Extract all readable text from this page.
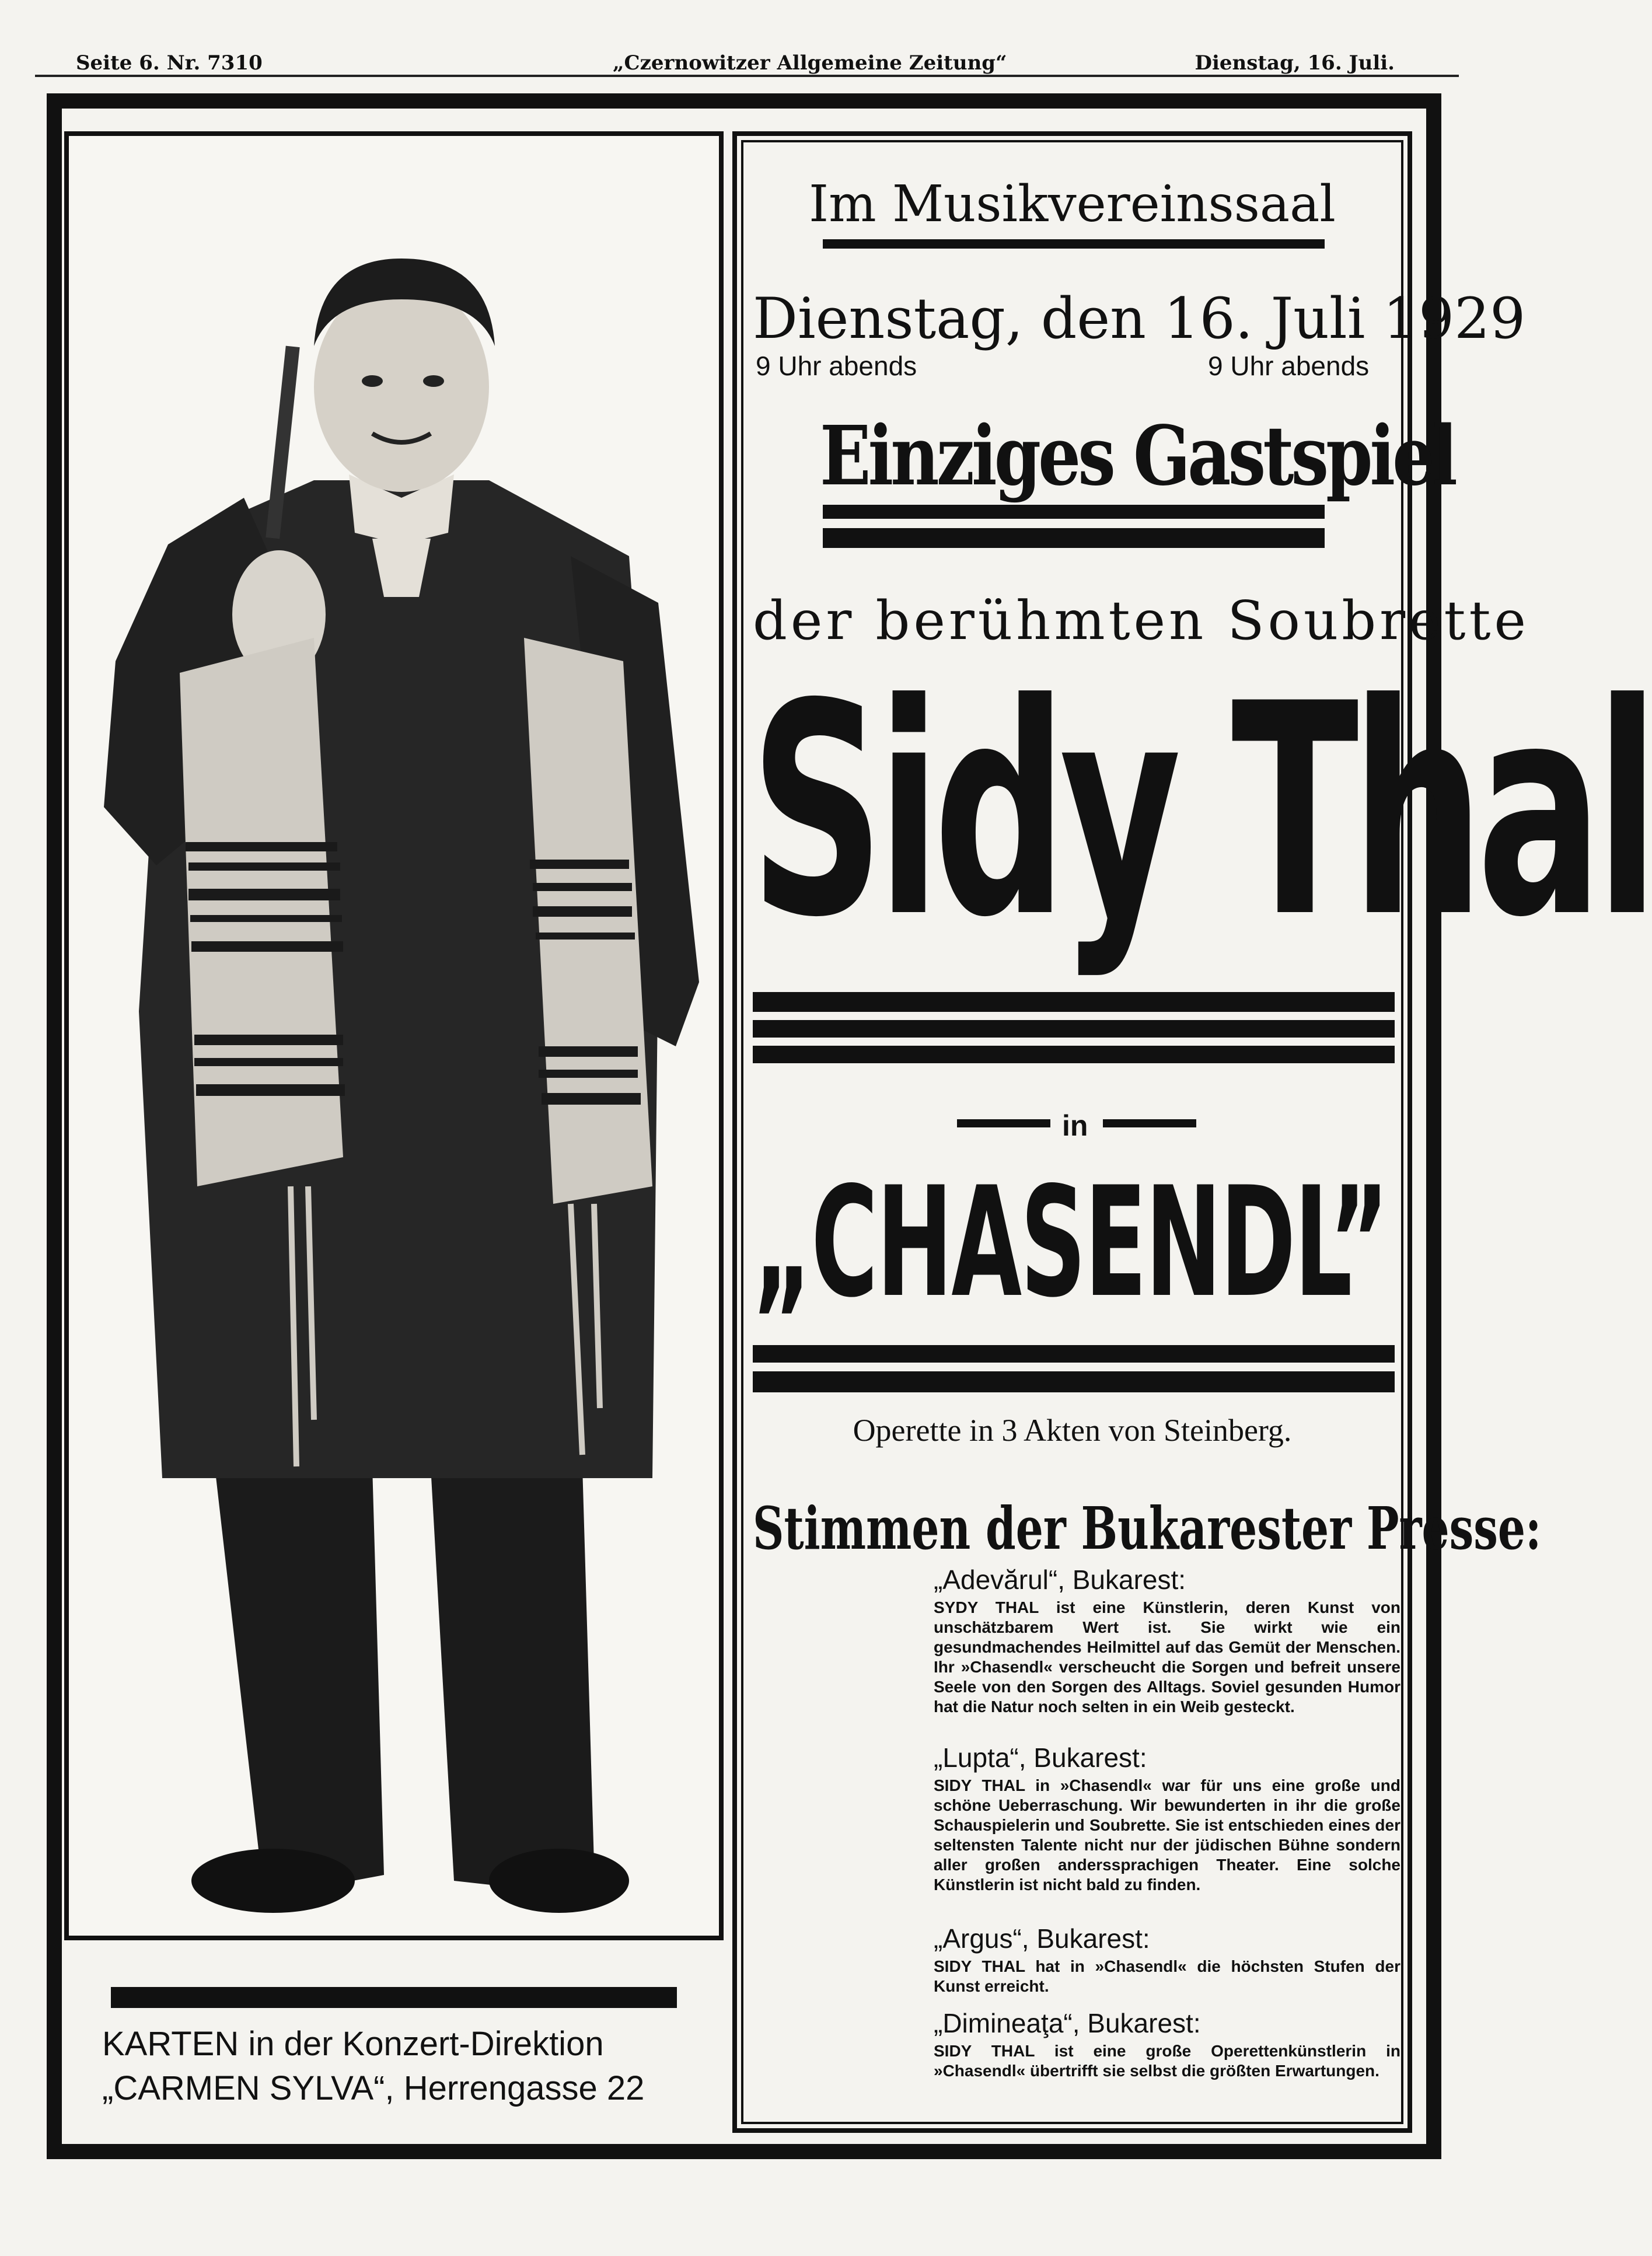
Seite 6. Nr. 7310	„Czernowitzer Allgemeine Zeitung“	Dienstag, 16. Juli.
KARTEN in der Konzert-Direktion
„CARMEN SYLVA“, Herrengasse 22
Im Musikvereinssaal
Dienstag, den 16. Juli 1929
9 Uhr abends	9 Uhr abends
Einziges Gastspiel
der berühmten Soubrette
Sidy Thal
in
„CHASENDL”
Operette in 3 Akten von Steinberg.
Stimmen der Bukarester Presse:
„Adevărul“, Bukarest:
SYDY THAL ist eine Künstlerin, deren Kunst von unschätzbarem Wert ist. Sie wirkt wie ein gesundmachendes Heilmittel auf das Gemüt der Menschen. Ihr »Chasendl« verscheucht die Sorgen und befreit unsere Seele von den Sorgen des Alltags. Soviel gesunden Humor hat die Natur noch selten in ein Weib gesteckt.
„Lupta“, Bukarest:
SIDY THAL in »Chasendl« war für uns eine große und schöne Ueberraschung. Wir bewunderten in ihr die große Schauspielerin und Soubrette. Sie ist entschieden eines der seltensten Talente nicht nur der jüdischen Bühne sondern aller großen anderssprachigen Theater. Eine solche Künstlerin ist nicht bald zu finden.
„Argus“, Bukarest:
SIDY THAL hat in »Chasendl« die höchsten Stufen der Kunst erreicht.
„Dimineaţa“, Bukarest:
SIDY THAL ist eine große Operettenkünstlerin in »Chasendl« übertrifft sie selbst die größten Erwartungen.
